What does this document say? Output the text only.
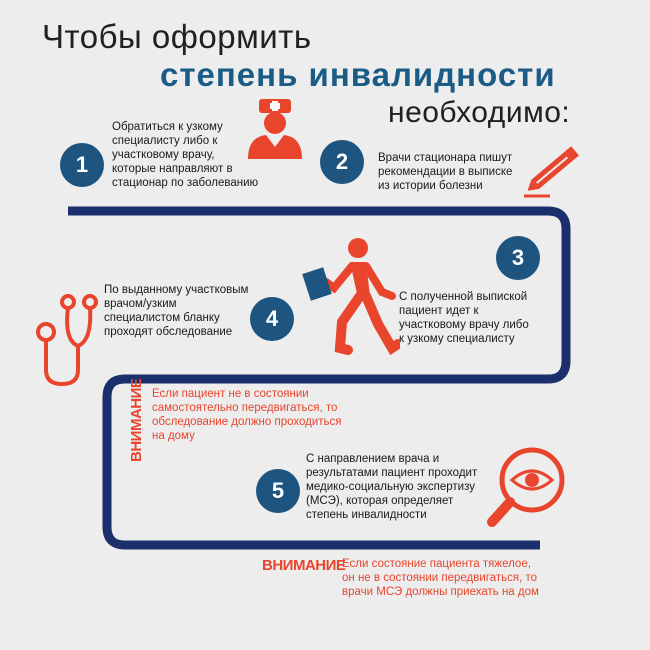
Чтобы оформить
степень инвалидности
необходимо:
1
Обратиться к узкому
специалисту либо к
участковому врачу,
которые направляют в
стационар по заболеванию
2	Врачи стационара пишут
рекомендации в выписке
из истории болезни
3
С полученной выпиской
пациент идет к
участковому врачу либо
к узкому специалисту
4
По выданному участковым
врачом/узким
специалистом бланку
проходят обследование
ВНИМАНИЕ Если пациент не в состоянии
самостоятельно передвигаться, то
обследование должно проходиться
на дому
5
С направлением врача и
результатами пациент проходит
медико-социальную экспертизу
(МСЭ), которая определяет
степень инвалидности
ВНИМАНИЕ
Если состояние пациента тяжелое,
он не в состоянии передвигаться, то
врачи МСЭ должны приехать на дом
